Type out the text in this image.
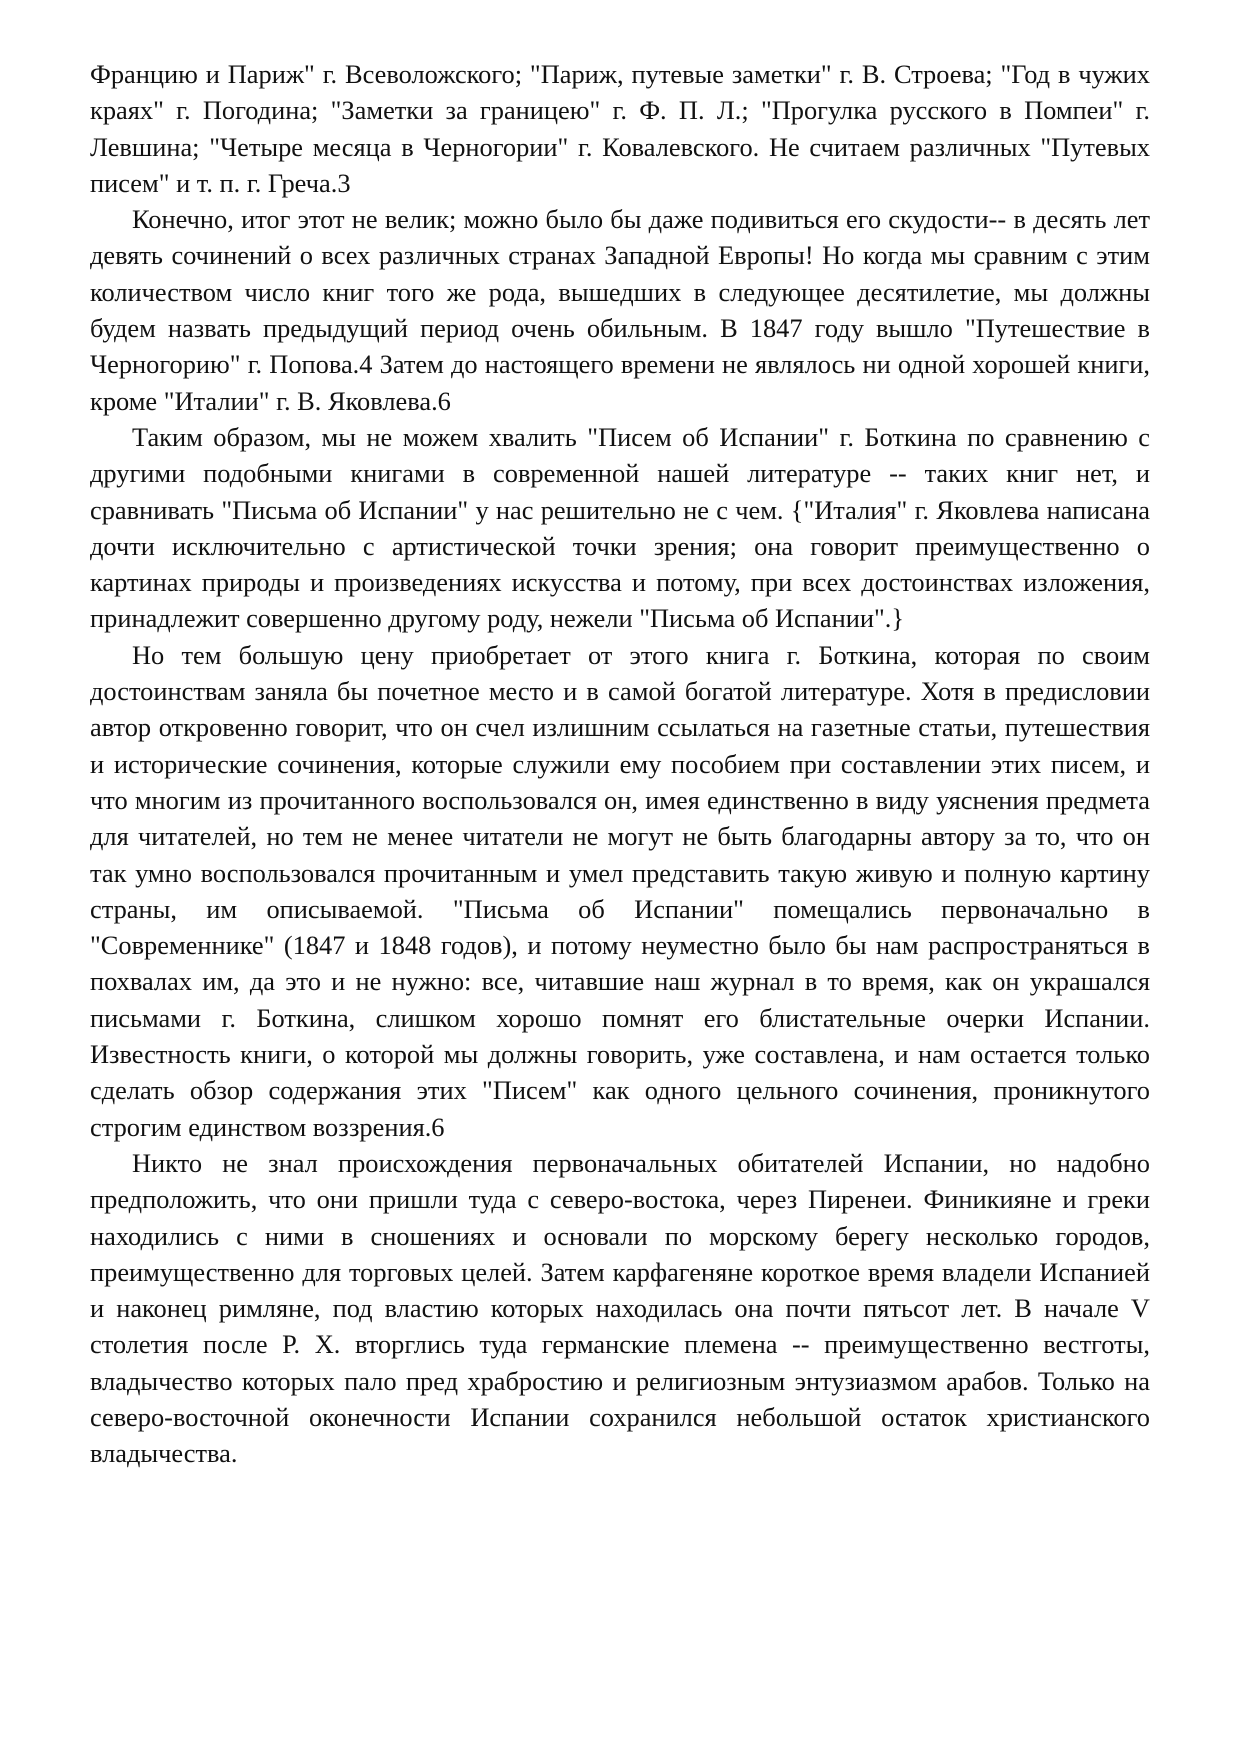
Францию и Париж" г. Всеволожского; "Париж, путевые заметки" г. В. Строева; "Год в чужих краях" г. Погодина; "Заметки за границею" г. Ф. П. Л.; "Прогулка русского в Помпеи" г. Левшина; "Четыре месяца в Черногории" г. Ковалевского. Не считаем различных "Путевых писем" и т. п. г. Греча.3

Конечно, итог этот не велик; можно было бы даже подивиться его скудости-- в десять лет девять сочинений о всех различных странах Западной Европы! Но когда мы сравним с этим количеством число книг того же рода, вышедших в следующее десятилетие, мы должны будем назвать предыдущий период очень обильным. В 1847 году вышло "Путешествие в Черногорию" г. Попова.4 Затем до настоящего времени не являлось ни одной хорошей книги, кроме "Италии" г. В. Яковлева.6

Таким образом, мы не можем хвалить "Писем об Испании" г. Боткина по сравнению с другими подобными книгами в современной нашей литературе -- таких книг нет, и сравнивать "Письма об Испании" у нас решительно не с чем. {"Италия" г. Яковлева написана дочти исключительно с артистической точки зрения; она говорит преимущественно о картинах природы и произведениях искусства и потому, при всех достоинствах изложения, принадлежит совершенно другому роду, нежели "Письма об Испании".}

Но тем большую цену приобретает от этого книга г. Боткина, которая по своим достоинствам заняла бы почетное место и в самой богатой литературе. Хотя в предисловии автор откровенно говорит, что он счел излишним ссылаться на газетные статьи, путешествия и исторические сочинения, которые служили ему пособием при составлении этих писем, и что многим из прочитанного воспользовался он, имея единственно в виду уяснения предмета для читателей, но тем не менее читатели не могут не быть благодарны автору за то, что он так умно воспользовался прочитанным и умел представить такую живую и полную картину страны, им описываемой. "Письма об Испании" помещались первоначально в "Современнике" (1847 и 1848 годов), и потому неуместно было бы нам распространяться в похвалах им, да это и не нужно: все, читавшие наш журнал в то время, как он украшался письмами г. Боткина, слишком хорошо помнят его блистательные очерки Испании. Известность книги, о которой мы должны говорить, уже составлена, и нам остается только сделать обзор содержания этих "Писем" как одного цельного сочинения, проникнутого строгим единством воззрения.6

Никто не знал происхождения первоначальных обитателей Испании, но надобно предположить, что они пришли туда с северо-востока, через Пиренеи. Финикияне и греки находились с ними в сношениях и основали по морскому берегу несколько городов, преимущественно для торговых целей. Затем карфагеняне короткое время владели Испанией и наконец римляне, под властию которых находилась она почти пятьсот лет. В начале V столетия после Р. Х. вторглись туда германские племена -- преимущественно вестготы, владычество которых пало пред храбростию и религиозным энтузиазмом арабов. Только на северо-восточной оконечности Испании сохранился небольшой остаток христианского владычества.
